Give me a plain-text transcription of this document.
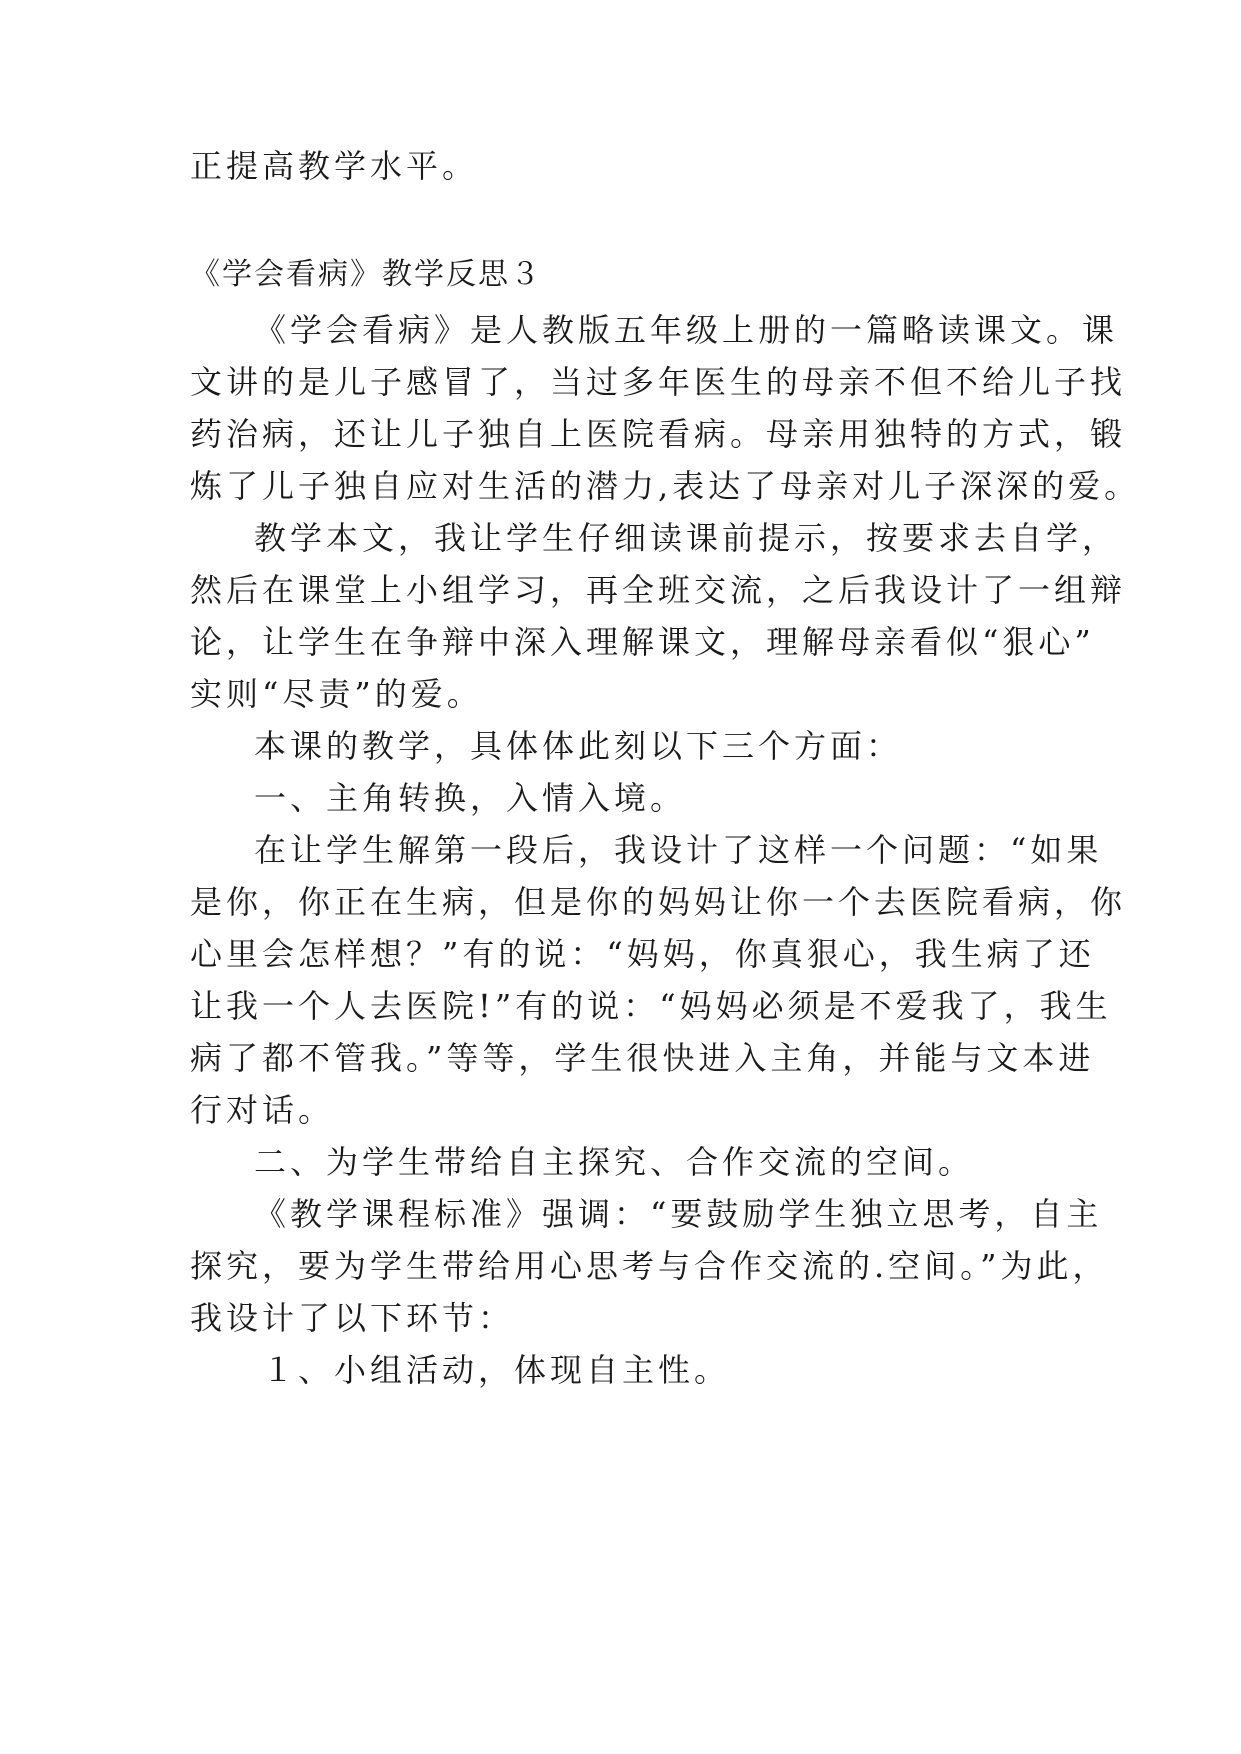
正提高教学水平。
《学会看病》教学反思３
《学会看病》是人教版五年级上册的一篇略读课文。课
文讲的是儿子感冒了，当过多年医生的母亲不但不给儿子找
药治病，还让儿子独自上医院看病。母亲用独特的方式，锻
炼了儿子独自应对生活的潜力,表达了母亲对儿子深深的爱。
教学本文，我让学生仔细读课前提示，按要求去自学，
然后在课堂上小组学习，再全班交流，之后我设计了一组辩
论，让学生在争辩中深入理解课文，理解母亲看似“狠心”
实则“尽责”的爱。
本课的教学，具体体此刻以下三个方面：
一、主角转换，入情入境。
在让学生解第一段后，我设计了这样一个问题：“如果
是你，你正在生病，但是你的妈妈让你一个去医院看病，你
心里会怎样想？”有的说：“妈妈，你真狠心，我生病了还
让我一个人去医院!”有的说：“妈妈必须是不爱我了，我生
病了都不管我。”等等，学生很快进入主角，并能与文本进
行对话。
二、为学生带给自主探究、合作交流的空间。
《教学课程标准》强调：“要鼓励学生独立思考，自主
探究，要为学生带给用心思考与合作交流的.空间。”为此，
我设计了以下环节：
１、小组活动，体现自主性。
